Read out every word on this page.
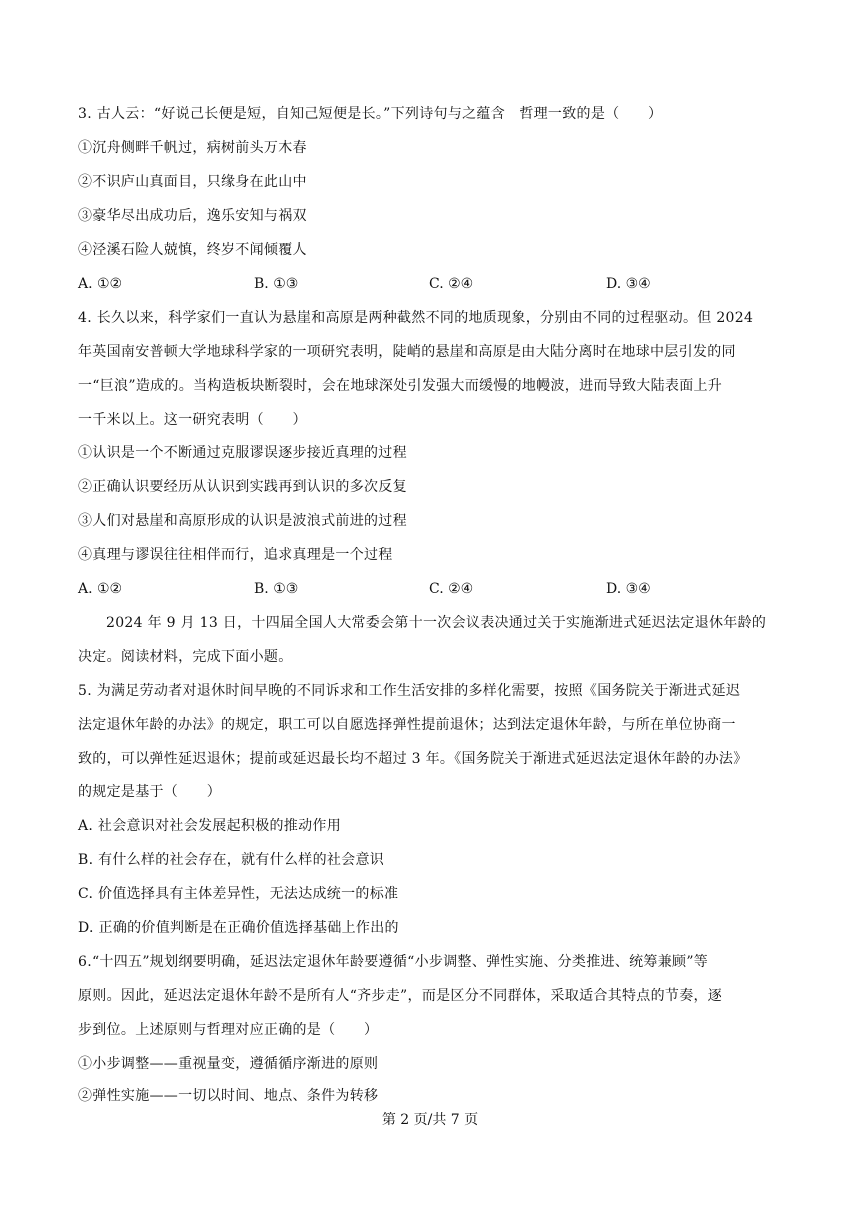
3. 古人云：“好说己长便是短，自知己短便是长。”下列诗句与之蕴含　哲理一致的是（　　）
①沉舟侧畔千帆过，病树前头万木春
②不识庐山真面目，只缘身在此山中
③豪华尽出成功后，逸乐安知与祸双
④泾溪石险人兢慎，终岁不闻倾覆人
A. ①②	B. ①③	C. ②④	D. ③④
4. 长久以来，科学家们一直认为悬崖和高原是两种截然不同的地质现象，分别由不同的过程驱动。但 2024
年英国南安普顿大学地球科学家的一项研究表明，陡峭的悬崖和高原是由大陆分离时在地球中层引发的同
一“巨浪”造成的。当构造板块断裂时，会在地球深处引发强大而缓慢的地幔波，进而导致大陆表面上升
一千米以上。这一研究表明（　　）
①认识是一个不断通过克服谬误逐步接近真理的过程
②正确认识要经历从认识到实践再到认识的多次反复
③人们对悬崖和高原形成的认识是波浪式前进的过程
④真理与谬误往往相伴而行，追求真理是一个过程
A. ①②	B. ①③	C. ②④	D. ③④
2024 年 9 月 13 日，十四届全国人大常委会第十一次会议表决通过关于实施渐进式延迟法定退休年龄的
决定。阅读材料，完成下面小题。
5. 为满足劳动者对退休时间早晚的不同诉求和工作生活安排的多样化需要，按照《国务院关于渐进式延迟
法定退休年龄的办法》的规定，职工可以自愿选择弹性提前退休；达到法定退休年龄，与所在单位协商一
致的，可以弹性延迟退休；提前或延迟最长均不超过 3 年。《国务院关于渐进式延迟法定退休年龄的办法》
的规定是基于（　　）
A. 社会意识对社会发展起积极的推动作用
B. 有什么样的社会存在，就有什么样的社会意识
C. 价值选择具有主体差异性，无法达成统一的标准
D. 正确的价值判断是在正确价值选择基础上作出的
6.“十四五”规划纲要明确，延迟法定退休年龄要遵循“小步调整、弹性实施、分类推进、统筹兼顾”等
原则。因此，延迟法定退休年龄不是所有人“齐步走”，而是区分不同群体，采取适合其特点的节奏，逐
步到位。上述原则与哲理对应正确的是（　　）
①小步调整——重视量变，遵循循序渐进的原则
②弹性实施——一切以时间、地点、条件为转移
第 2 页/共 7 页
